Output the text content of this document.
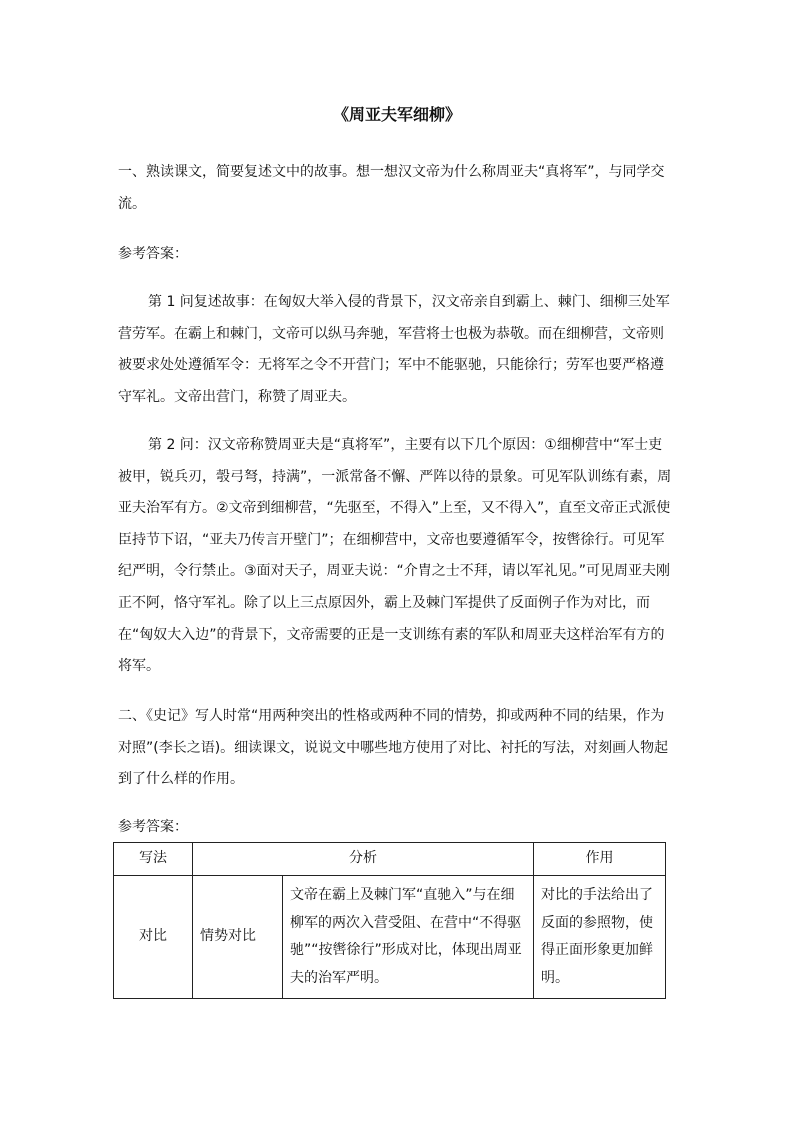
《周亚夫军细柳》

一、熟读课文，简要复述文中的故事。想一想汉文帝为什么称周亚夫“真将军”，与同学交流。

参考答案：

第 1 问复述故事：在匈奴大举入侵的背景下，汉文帝亲自到霸上、棘门、细柳三处军营劳军。在霸上和棘门，文帝可以纵马奔驰，军营将士也极为恭敬。而在细柳营，文帝则被要求处处遵循军令：无将军之令不开营门；军中不能驱驰，只能徐行；劳军也要严格遵守军礼。文帝出营门，称赞了周亚夫。

第 2 问：汉文帝称赞周亚夫是“真将军”，主要有以下几个原因：①细柳营中“军士吏被甲，锐兵刃，彀弓弩，持满”，一派常备不懈、严阵以待的景象。可见军队训练有素，周亚夫治军有方。②文帝到细柳营，“先驱至，不得入”上至，又不得入”，直至文帝正式派使臣持节下诏，“亚夫乃传言开壁门”；在细柳营中，文帝也要遵循军令，按辔徐行。可见军纪严明，令行禁止。③面对天子，周亚夫说：“介胄之士不拜，请以军礼见。”可见周亚夫刚正不阿，恪守军礼。除了以上三点原因外，霸上及棘门军提供了反面例子作为对比，而在“匈奴大入边”的背景下，文帝需要的正是一支训练有素的军队和周亚夫这样治军有方的将军。

二、《史记》写人时常“用两种突出的性格或两种不同的情势，抑或两种不同的结果，作为对照”(李长之语)。细读课文，说说文中哪些地方使用了对比、衬托的写法，对刻画人物起到了什么样的作用。

参考答案：

写法	分析		作用
对比	情势对比	文帝在霸上及棘门军“直驰入”与在细柳军的两次入营受阻、在营中“不得驱驰”“按辔徐行”形成对比，体现出周亚夫的治军严明。	对比的手法给出了反面的参照物，使得正面形象更加鲜明。
